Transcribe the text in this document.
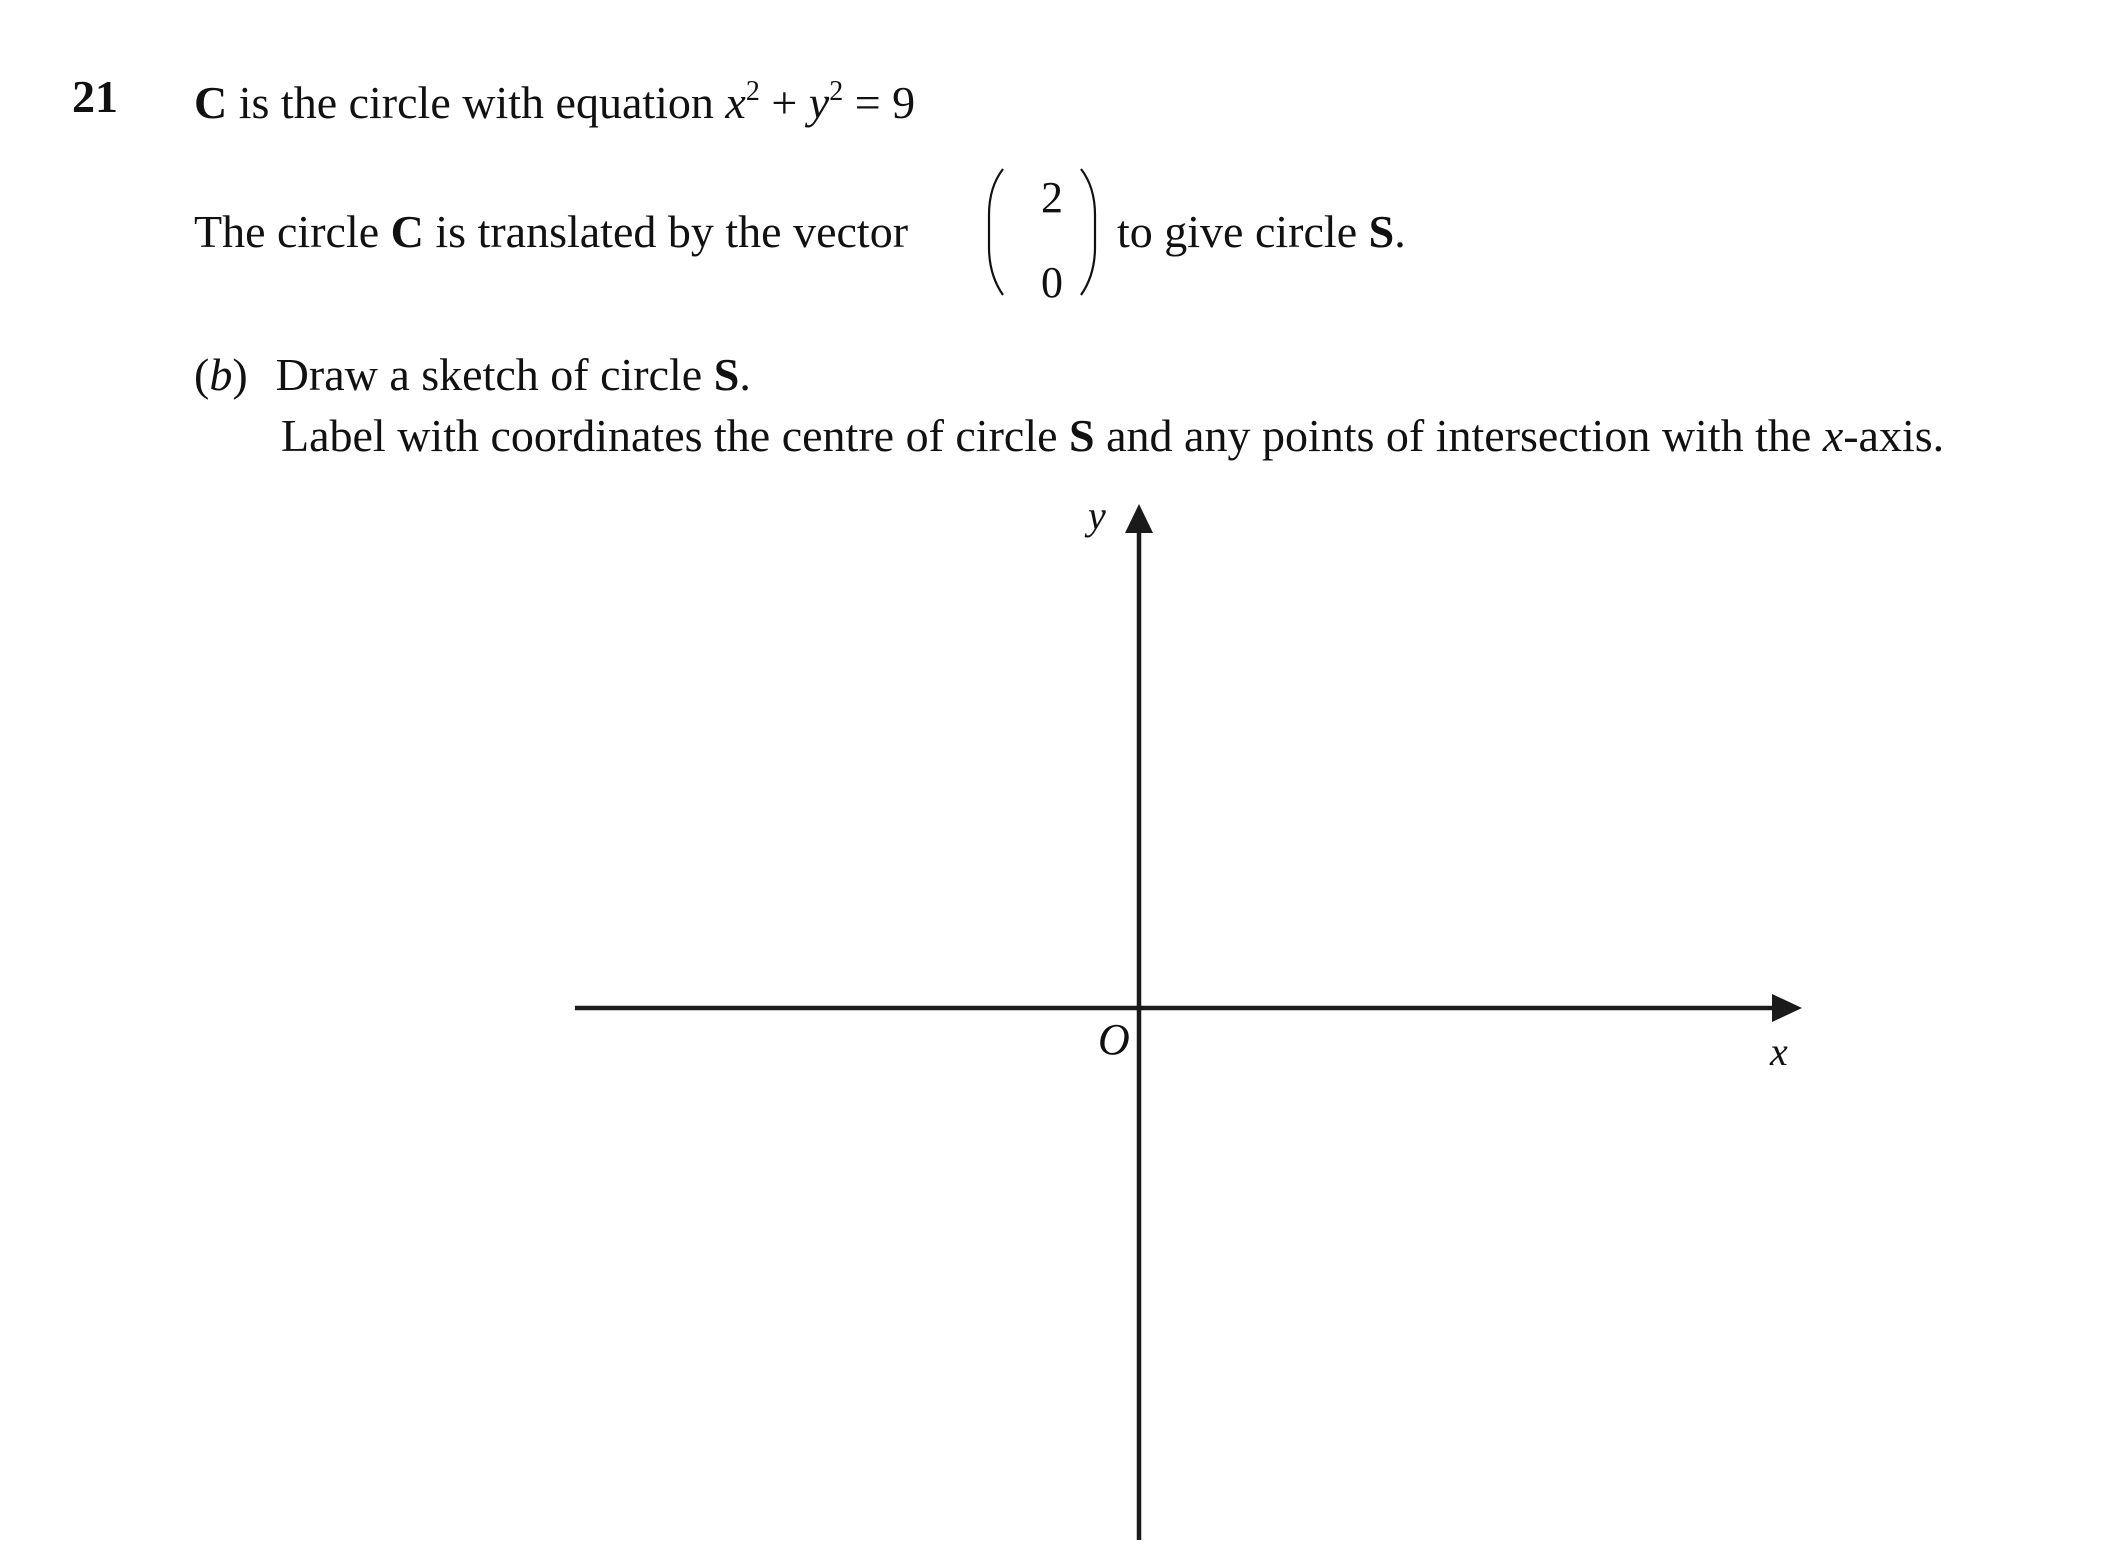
21 C is the circle with equation $x^2 + y^2 = 9$
The circle C is translated by the vector
2
0
to give circle S.
(b) Draw a sketch of circle S.
Label with coordinates the centre of circle S and any points of intersection with the x-axis.
y
O	x
